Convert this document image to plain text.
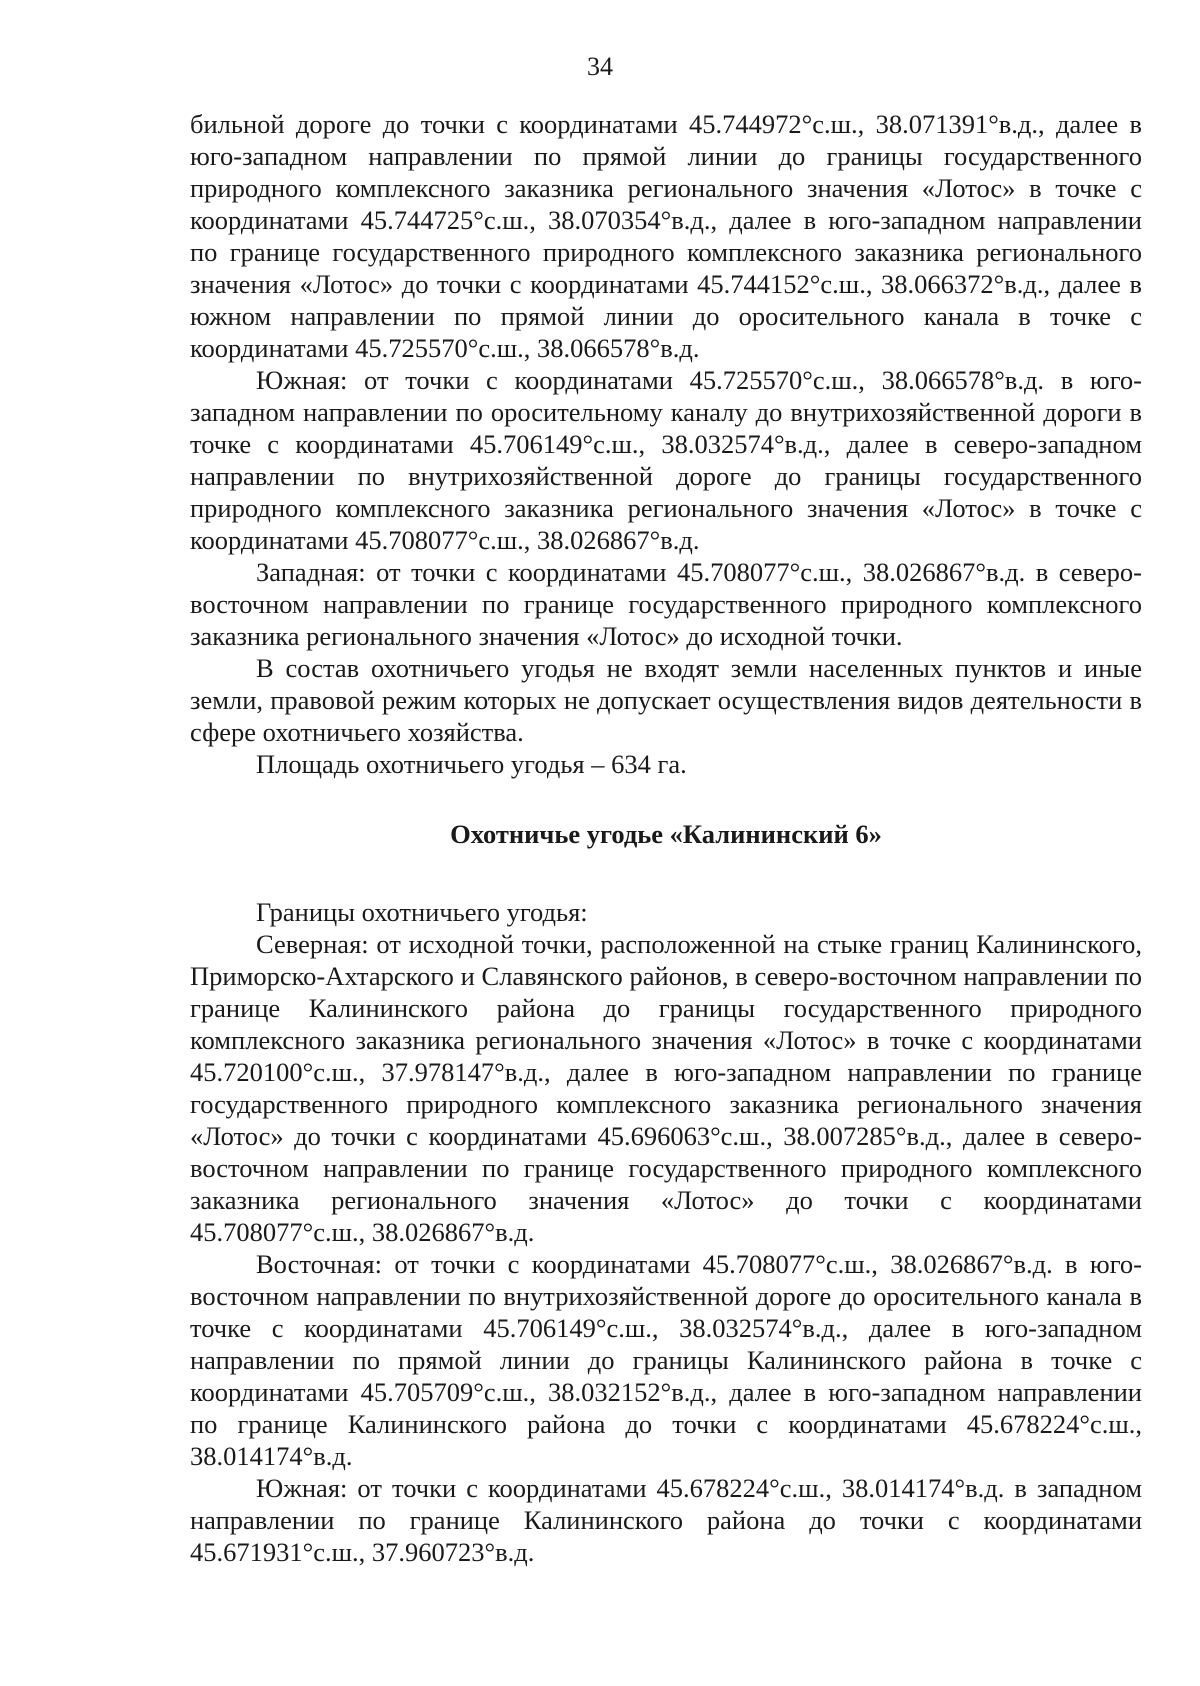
34

бильной дороге до точки с координатами 45.744972°с.ш., 38.071391°в.д., далее в юго-западном направлении по прямой линии до границы государственного природного комплексного заказника регионального значения «Лотос» в точке с координатами 45.744725°с.ш., 38.070354°в.д., далее в юго-западном направлении по границе государственного природного комплексного заказника регионального значения «Лотос» до точки с координатами 45.744152°с.ш., 38.066372°в.д., далее в южном направлении по прямой линии до оросительного канала в точке с координатами 45.725570°с.ш., 38.066578°в.д.

Южная: от точки с координатами 45.725570°с.ш., 38.066578°в.д. в юго-западном направлении по оросительному каналу до внутрихозяйственной дороги в точке с координатами 45.706149°с.ш., 38.032574°в.д., далее в северо-западном направлении по внутрихозяйственной дороге до границы государственного природного комплексного заказника регионального значения «Лотос» в точке с координатами 45.708077°с.ш., 38.026867°в.д.

Западная: от точки с координатами 45.708077°с.ш., 38.026867°в.д. в северо-восточном направлении по границе государственного природного комплексного заказника регионального значения «Лотос» до исходной точки.

В состав охотничьего угодья не входят земли населенных пунктов и иные земли, правовой режим которых не допускает осуществления видов деятельности в сфере охотничьего хозяйства.

Площадь охотничьего угодья – 634 га.

Охотничье угодье «Калининский 6»

Границы охотничьего угодья:

Северная: от исходной точки, расположенной на стыке границ Калининского, Приморско-Ахтарского и Славянского районов, в северо-восточном направлении по границе Калининского района до границы государственного природного комплексного заказника регионального значения «Лотос» в точке с координатами 45.720100°с.ш., 37.978147°в.д., далее в юго-западном направлении по границе государственного природного комплексного заказника регионального значения «Лотос» до точки с координатами 45.696063°с.ш., 38.007285°в.д., далее в северо-восточном направлении по границе государственного природного комплексного заказника регионального значения «Лотос» до точки с координатами 45.708077°с.ш., 38.026867°в.д.

Восточная: от точки с координатами 45.708077°с.ш., 38.026867°в.д. в юго-восточном направлении по внутрихозяйственной дороге до оросительного канала в точке с координатами 45.706149°с.ш., 38.032574°в.д., далее в юго-западном направлении по прямой линии до границы Калининского района в точке с координатами 45.705709°с.ш., 38.032152°в.д., далее в юго-западном направлении по границе Калининского района до точки с координатами 45.678224°с.ш., 38.014174°в.д.

Южная: от точки с координатами 45.678224°с.ш., 38.014174°в.д. в западном направлении по границе Калининского района до точки с координатами 45.671931°с.ш., 37.960723°в.д.
